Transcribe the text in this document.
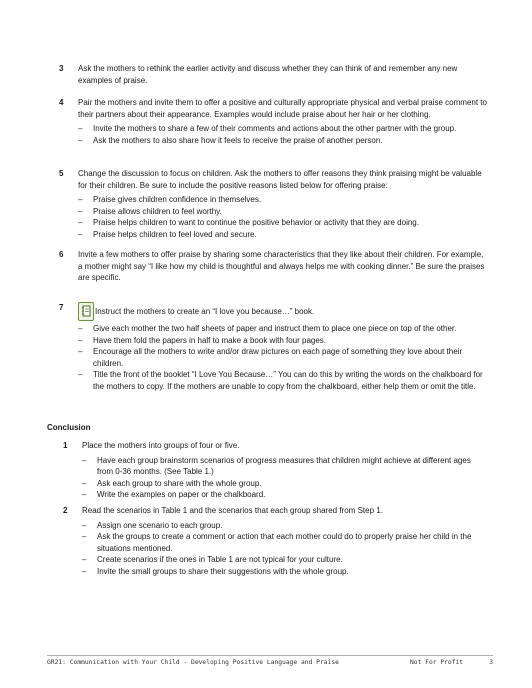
3 Ask the mothers to rethink the earlier activity and discuss whether they can think of and remember any new examples of praise.
4 Pair the mothers and invite them to offer a positive and culturally appropriate physical and verbal praise comment to their partners about their appearance. Examples would include praise about her hair or her clothing.
– Invite the mothers to share a few of their comments and actions about the other partner with the group.
– Ask the mothers to also share how it feels to receive the praise of another person.
5 Change the discussion to focus on children. Ask the mothers to offer reasons they think praising might be valuable for their children. Be sure to include the positive reasons listed below for offering praise:
– Praise gives children confidence in themselves.
– Praise allows children to feel worthy.
– Praise helps children to want to continue the positive behavior or activity that they are doing.
– Praise helps children to feel loved and secure.
6 Invite a few mothers to offer praise by sharing some characteristics that they like about their children. For example, a mother might say “I like how my child is thoughtful and always helps me with cooking dinner.” Be sure the praises are specific.
7	Instruct the mothers to create an “I love you because…” book.
– Give each mother the two half sheets of paper and instruct them to place one piece on top of the other.
– Have them fold the papers in half to make a book with four pages.
– Encourage all the mothers to write and/or draw pictures on each page of something they love about their children.
– Title the front of the booklet “I Love You Because…” You can do this by writing the words on the chalkboard for the mothers to copy. If the mothers are unable to copy from the chalkboard, either help them or omit the title.
Conclusion
1 Place the mothers into groups of four or five.
– Have each group brainstorm scenarios of progress measures that children might achieve at different ages from 0-36 months. (See Table 1.)
– Ask each group to share with the whole group.
– Write the examples on paper or the chalkboard.
2 Read the scenarios in Table 1 and the scenarios that each group shared from Step 1.
– Assign one scenario to each group.
– Ask the groups to create a comment or action that each mother could do to properly praise her child in the situations mentioned.
– Create scenarios if the ones in Table 1 are not typical for your culture.
– Invite the small groups to share their suggestions with the whole group.
GR21: Communication with Your Child - Developing Positive Language and Praise	Not For Profit	3
